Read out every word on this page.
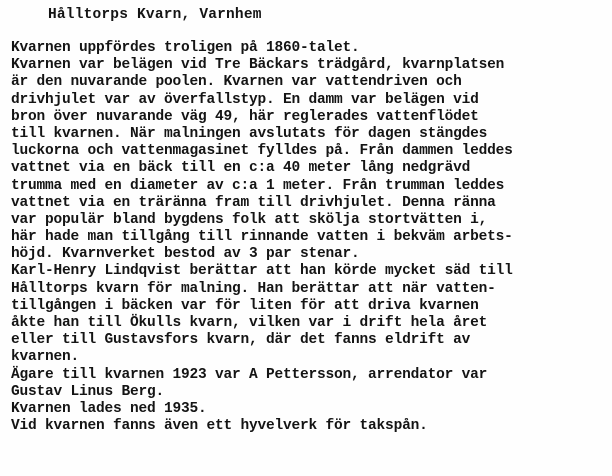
Hålltorps Kvarn, Varnhem
Kvarnen uppfördes troligen på 1860-talet.
Kvarnen var belägen vid Tre Bäckars trädgård, kvarnplatsen
är den nuvarande poolen. Kvarnen var vattendriven och
drivhjulet var av överfallstyp. En damm var belägen vid
bron över nuvarande väg 49, här reglerades vattenflödet
till kvarnen. När malningen avslutats för dagen stängdes
luckorna och vattenmagasinet fylldes på. Från dammen leddes
vattnet via en bäck till en c:a 40 meter lång nedgrävd
trumma med en diameter av c:a 1 meter. Från trumman leddes
vattnet via en träränna fram till drivhjulet. Denna ränna
var populär bland bygdens folk att skölja stortvätten i,
här hade man tillgång till rinnande vatten i bekväm arbets-
höjd. Kvarnverket bestod av 3 par stenar.
Karl-Henry Lindqvist berättar att han körde mycket säd till
Hålltorps kvarn för malning. Han berättar att när vatten-
tillgången i bäcken var för liten för att driva kvarnen
åkte han till Ökulls kvarn, vilken var i drift hela året
eller till Gustavsfors kvarn, där det fanns eldrift av
kvarnen.
Ägare till kvarnen 1923 var A Pettersson, arrendator var
Gustav Linus Berg.
Kvarnen lades ned 1935.
Vid kvarnen fanns även ett hyvelverk för takspån.
